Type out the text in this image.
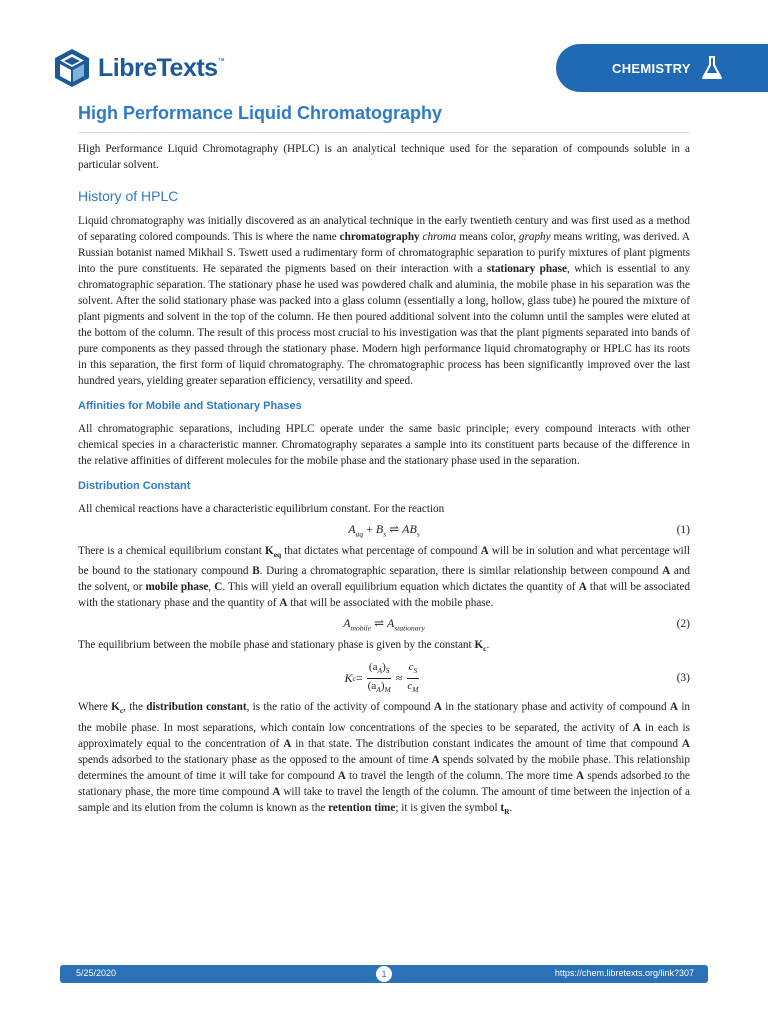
LibreTexts™	CHEMISTRY
High Performance Liquid Chromatography

High Performance Liquid Chromotagraphy (HPLC) is an analytical technique used for the separation of compounds soluble in a particular solvent.

History of HPLC

Liquid chromatography was initially discovered as an analytical technique in the early twentieth century and was first used as a method of separating colored compounds. This is where the name chromatography chroma means color, graphy means writing, was derived. A Russian botanist named Mikhail S. Tswett used a rudimentary form of chromatographic separation to purify mixtures of plant pigments into the pure constituents. He separated the pigments based on their interaction with a stationary phase, which is essential to any chromatographic separation. The stationary phase he used was powdered chalk and aluminia, the mobile phase in his separation was the solvent. After the solid stationary phase was packed into a glass column (essentially a long, hollow, glass tube) he poured the mixture of plant pigments and solvent in the top of the column. He then poured additional solvent into the column until the samples were eluted at the bottom of the column. The result of this process most crucial to his investigation was that the plant pigments separated into bands of pure components as they passed through the stationary phase. Modern high performance liquid chromatography or HPLC has its roots in this separation, the first form of liquid chromatography. The chromatographic process has been significantly improved over the last hundred years, yielding greater separation efficiency, versatility and speed.

Affinities for Mobile and Stationary Phases

All chromatographic separations, including HPLC operate under the same basic principle; every compound interacts with other chemical species in a characteristic manner. Chromatography separates a sample into its constituent parts because of the difference in the relative affinities of different molecules for the mobile phase and the stationary phase used in the separation.

Distribution Constant

All chemical reactions have a characteristic equilibrium constant. For the reaction

$A_{aq} + B_s$ ⇌ $AB_s$	(1)

There is a chemical equilibrium constant $K_{eq}$ that dictates what percentage of compound A will be in solution and what percentage will be bound to the stationary compound B. During a chromatographic separation, there is similar relationship between compound A and the solvent, or mobile phase, C. This will yield an overall equilibrium equation which dictates the quantity of A that will be associated with the stationary phase and the quantity of A that will be associated with the mobile phase.

$A_{mobile}$ ⇌ $A_{stationary}$	(2)

The equilibrium between the mobile phase and stationary phase is given by the constant $K_c$.

K $c = \frac{(a_A)_S}{(a_A)_M} \approx \frac{c_S}{c_M}$	(3)

Where $K_c$, the distribution constant, is the ratio of the activity of compound A in the stationary phase and activity of compound A in the mobile phase. In most separations, which contain low concentrations of the species to be separated, the activity of A in each is approximately equal to the concentration of A in that state. The distribution constant indicates the amount of time that compound A spends adsorbed to the stationary phase as the opposed to the amount of time A spends solvated by the mobile phase. This relationship determines the amount of time it will take for compound A to travel the length of the column. The more time A spends adsorbed to the stationary phase, the more time compound A will take to travel the length of the column. The amount of time between the injection of a sample and its elution from the column is known as the retention time; it is given the symbol $t_R$.

5/25/2020	1	https://chem.libretexts.org/link?307
